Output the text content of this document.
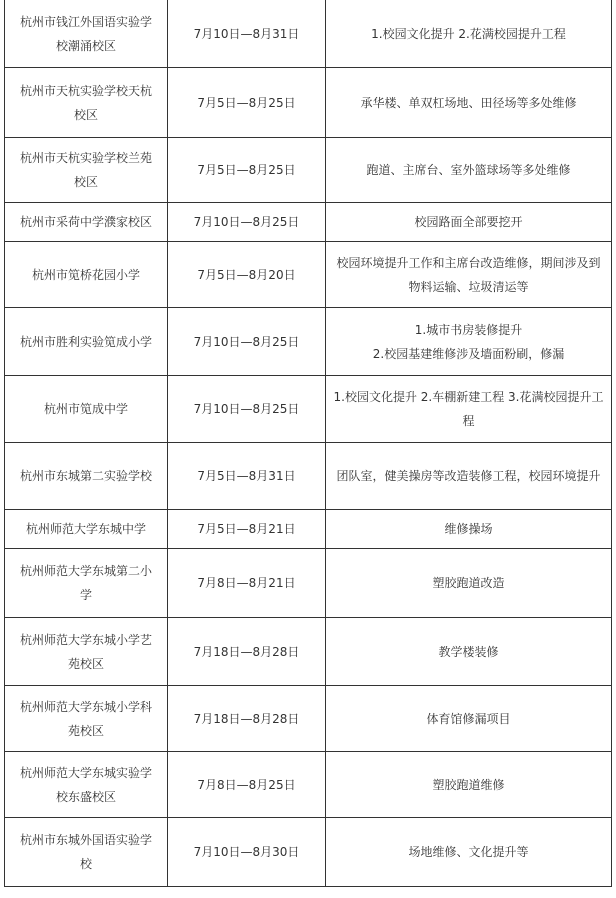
杭州市钱江外国语实验学校潮涌校区	7月10日—8月31日	1.校园文化提升 2.花满校园提升工程

杭州市天杭实验学校天杭校区	7月5日—8月25日	承华楼、单双杠场地、田径场等多处维修

杭州市天杭实验学校兰苑校区	7月5日—8月25日	跑道、主席台、室外篮球场等多处维修

杭州市采荷中学濮家校区	7月10日—8月25日	校园路面全部要挖开

杭州市笕桥花园小学	7月5日—8月20日	校园环境提升工作和主席台改造维修，期间涉及到物料运输、垃圾清运等

杭州市胜利实验笕成小学	7月10日—8月25日	1.城市书房装修提升
2.校园基建维修涉及墙面粉刷，修漏

杭州市笕成中学	7月10日—8月25日	1.校园文化提升 2.车棚新建工程 3.花满校园提升工程

杭州市东城第二实验学校	7月5日—8月31日	团队室，健美操房等改造装修工程，校园环境提升

杭州师范大学东城中学	7月5日—8月21日	维修操场

杭州师范大学东城第二小学	7月8日—8月21日	塑胶跑道改造

杭州师范大学东城小学艺苑校区	7月18日—8月28日	教学楼装修

杭州师范大学东城小学科苑校区	7月18日—8月28日	体育馆修漏项目

杭州师范大学东城实验学校东盛校区	7月8日—8月25日	塑胶跑道维修

杭州市东城外国语实验学校	7月10日—8月30日	场地维修、文化提升等
